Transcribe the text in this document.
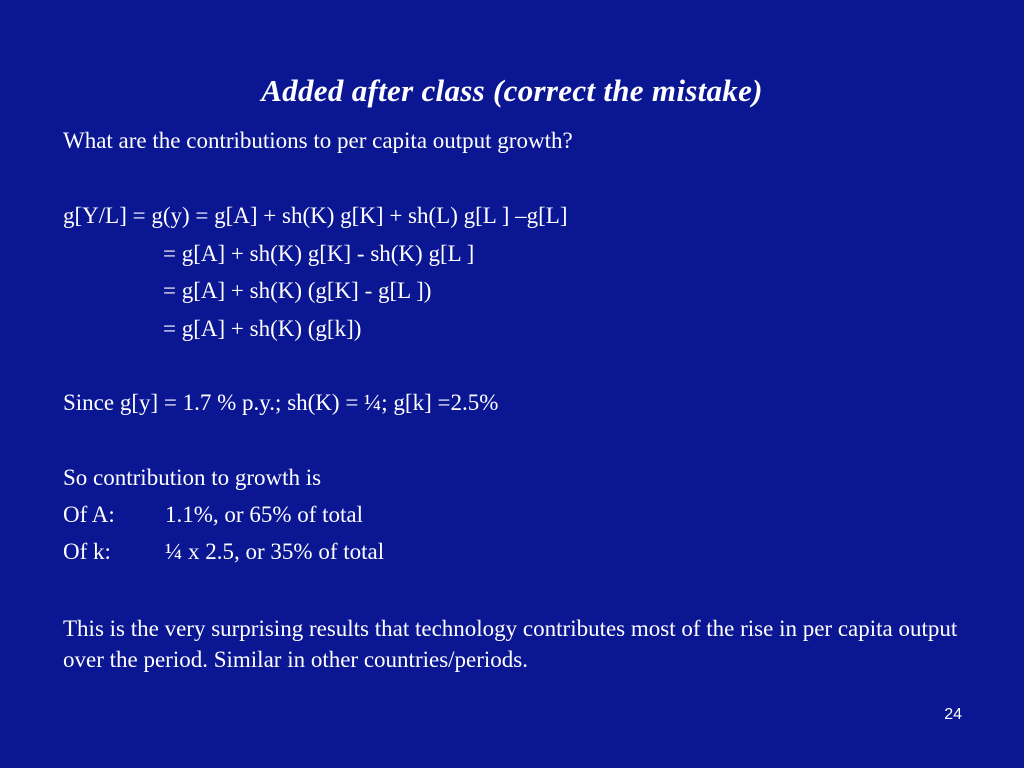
Added after class (correct the mistake)
What are the contributions to per capita output growth?
g[Y/L] = g(y) = g[A] + sh(K) g[K] + sh(L) g[L ] –g[L]
= g[A] + sh(K) g[K] - sh(K) g[L ]
= g[A] + sh(K) (g[K] - g[L ])
= g[A] + sh(K) (g[k])
Since g[y] = 1.7 % p.y.; sh(K) = ¼; g[k] =2.5%
So contribution to growth is
Of A: 1.1%, or 65% of total
Of k: ¼ x 2.5, or 35% of total

This is the very surprising results that technology contributes most of the rise in per capita output over the period. Similar in other countries/periods.

24
